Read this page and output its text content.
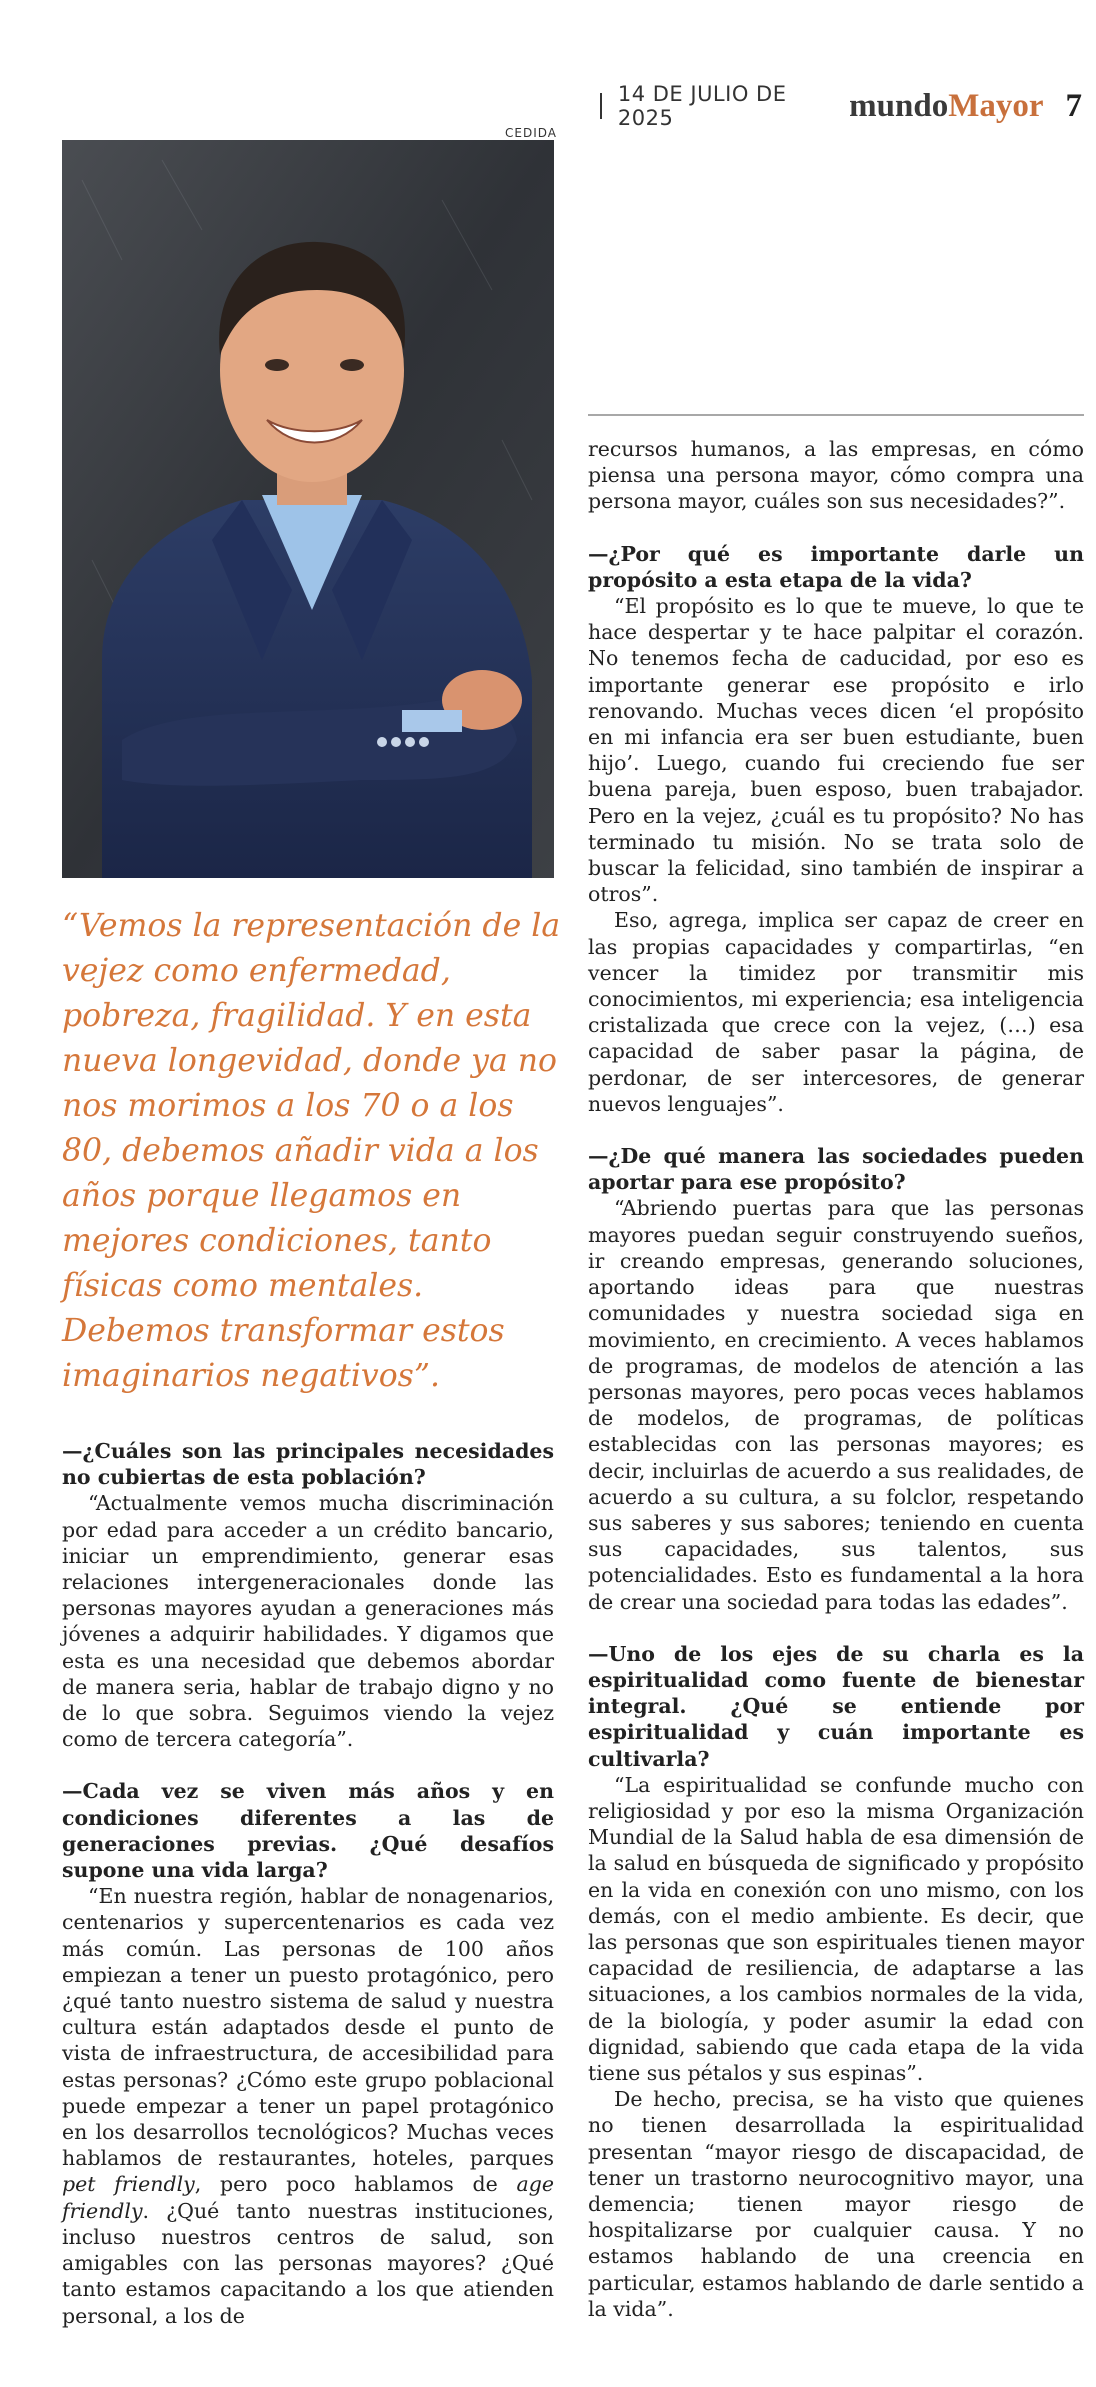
14 DE JULIO DE 2025	mundoMayor 7
CEDIDA
“Vemos la representación de la vejez como enfermedad, pobreza, fragilidad. Y en esta nueva longevidad, donde ya no nos morimos a los 70 o a los 80, debemos añadir vida a los años porque llegamos en mejores condiciones, tanto físicas como mentales. Debemos transformar estos imaginarios negativos”.

—¿Cuáles son las principales necesidades no cubiertas de esta población?

“Actualmente vemos mucha discriminación por edad para acceder a un crédito bancario, iniciar un emprendimiento, generar esas relaciones intergeneracionales donde las personas mayores ayudan a generaciones más jóvenes a adquirir habilidades. Y digamos que esta es una necesidad que debemos abordar de manera seria, hablar de trabajo digno y no de lo que sobra. Seguimos viendo la vejez como de tercera categoría”.

—Cada vez se viven más años y en condiciones diferentes a las de generaciones previas. ¿Qué desafíos supone una vida larga?

“En nuestra región, hablar de nonagenarios, centenarios y supercentenarios es cada vez más común. Las personas de 100 años empiezan a tener un puesto protagónico, pero ¿qué tanto nuestro sistema de salud y nuestra cultura están adaptados desde el punto de vista de infraestructura, de accesibilidad para estas personas? ¿Cómo este grupo poblacional puede empezar a tener un papel protagónico en los desarrollos tecnológicos? Muchas veces hablamos de restaurantes, hoteles, parques pet friendly, pero poco hablamos de age friendly. ¿Qué tanto nuestras instituciones, incluso nuestros centros de salud, son amigables con las personas mayores? ¿Qué tanto estamos capacitando a los que atienden personal, a los de

recursos humanos, a las empresas, en cómo piensa una persona mayor, cómo compra una persona mayor, cuáles son sus necesidades?”.

—¿Por qué es importante darle un propósito a esta etapa de la vida?

“El propósito es lo que te mueve, lo que te hace despertar y te hace palpitar el corazón. No tenemos fecha de caducidad, por eso es importante generar ese propósito e irlo renovando. Muchas veces dicen ‘el propósito en mi infancia era ser buen estudiante, buen hijo’. Luego, cuando fui creciendo fue ser buena pareja, buen esposo, buen trabajador. Pero en la vejez, ¿cuál es tu propósito? No has terminado tu misión. No se trata solo de buscar la felicidad, sino también de inspirar a otros”.

Eso, agrega, implica ser capaz de creer en las propias capacidades y compartirlas, “en vencer la timidez por transmitir mis conocimientos, mi experiencia; esa inteligencia cristalizada que crece con la vejez, (…) esa capacidad de saber pasar la página, de perdonar, de ser intercesores, de generar nuevos lenguajes”.

—¿De qué manera las sociedades pueden aportar para ese propósito?

“Abriendo puertas para que las personas mayores puedan seguir construyendo sueños, ir creando empresas, generando soluciones, aportando ideas para que nuestras comunidades y nuestra sociedad siga en movimiento, en crecimiento. A veces hablamos de programas, de modelos de atención a las personas mayores, pero pocas veces hablamos de modelos, de programas, de políticas establecidas con las personas mayores; es decir, incluirlas de acuerdo a sus realidades, de acuerdo a su cultura, a su folclor, respetando sus saberes y sus sabores; teniendo en cuenta sus capacidades, sus talentos, sus potencialidades. Esto es fundamental a la hora de crear una sociedad para todas las edades”.

—Uno de los ejes de su charla es la espiritualidad como fuente de bienestar integral. ¿Qué se entiende por espiritualidad y cuán importante es cultivarla?

“La espiritualidad se confunde mucho con religiosidad y por eso la misma Organización Mundial de la Salud habla de esa dimensión de la salud en búsqueda de significado y propósito en la vida en conexión con uno mismo, con los demás, con el medio ambiente. Es decir, que las personas que son espirituales tienen mayor capacidad de resiliencia, de adaptarse a las situaciones, a los cambios normales de la vida, de la biología, y poder asumir la edad con dignidad, sabiendo que cada etapa de la vida tiene sus pétalos y sus espinas”.

De hecho, precisa, se ha visto que quienes no tienen desarrollada la espiritualidad presentan “mayor riesgo de discapacidad, de tener un trastorno neurocognitivo mayor, una demencia; tienen mayor riesgo de hospitalizarse por cualquier causa. Y no estamos hablando de una creencia en particular, estamos hablando de darle sentido a la vida”.
